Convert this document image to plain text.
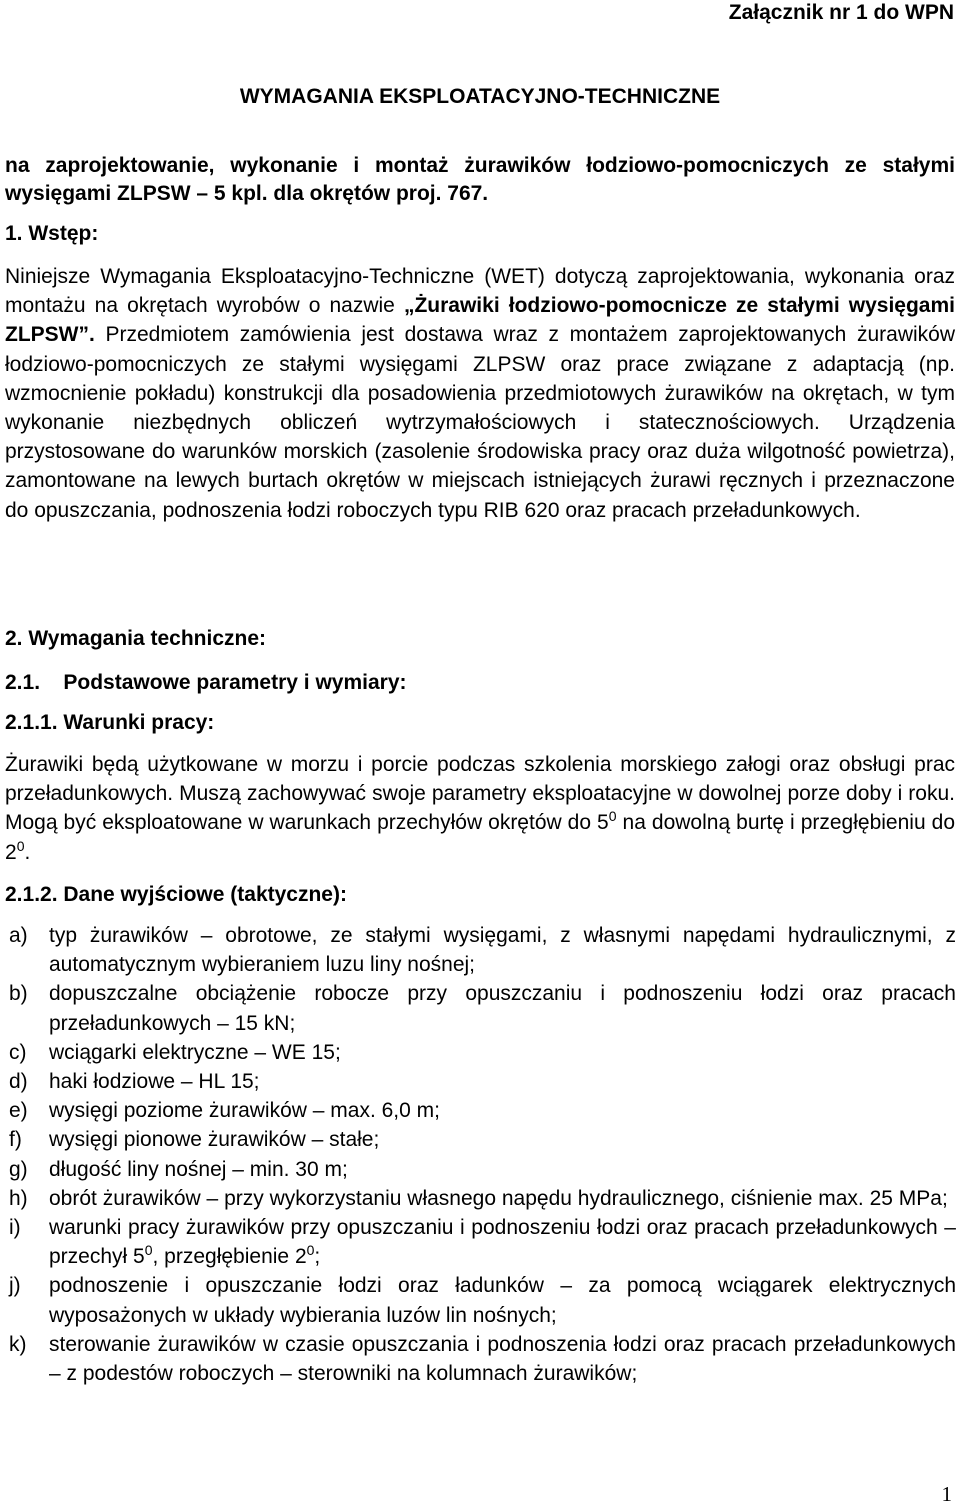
Załącznik nr 1 do WPN
WYMAGANIA EKSPLOATACYJNO-TECHNICZNE
na zaprojektowanie, wykonanie i montaż żurawików łodziowo-pomocniczych ze stałymi wysięgami ZLPSW – 5 kpl. dla okrętów proj. 767.
1. Wstęp:
Niniejsze Wymagania Eksploatacyjno-Techniczne (WET) dotyczą zaprojektowania, wykonania oraz montażu na okrętach wyrobów o nazwie „Żurawiki łodziowo-pomocnicze ze stałymi wysięgami ZLPSW”. Przedmiotem zamówienia jest dostawa wraz z montażem zaprojektowanych żurawików łodziowo-pomocniczych ze stałymi wysięgami ZLPSW oraz prace związane z adaptacją (np. wzmocnienie pokładu) konstrukcji dla posadowienia przedmiotowych żurawików na okrętach, w tym wykonanie niezbędnych obliczeń wytrzymałościowych i statecznościowych. Urządzenia przystosowane do warunków morskich (zasolenie środowiska pracy oraz duża wilgotność powietrza), zamontowane na lewych burtach okrętów w miejscach istniejących żurawi ręcznych i przeznaczone do opuszczania, podnoszenia łodzi roboczych typu RIB 620 oraz pracach przeładunkowych.
2. Wymagania techniczne:
2.1.    Podstawowe parametry i wymiary:
2.1.1. Warunki pracy:
Żurawiki będą użytkowane w morzu i porcie podczas szkolenia morskiego załogi oraz obsługi prac przeładunkowych. Muszą zachowywać swoje parametry eksploatacyjne w dowolnej porze doby i roku. Mogą być eksploatowane w warunkach przechyłów okrętów do $5^0$ na dowolną burtę i przegłębieniu do $2^0$.
2.1.2. Dane wyjściowe (taktyczne):
a) typ żurawików – obrotowe, ze stałymi wysięgami, z własnymi napędami hydraulicznymi, z automatycznym wybieraniem luzu liny nośnej;
b) dopuszczalne obciążenie robocze przy opuszczaniu i podnoszeniu łodzi oraz pracach przeładunkowych – 15 kN;
c) wciągarki elektryczne – WE 15;
d) haki łodziowe – HL 15;
e) wysięgi poziome żurawików – max. 6,0 m;
f) wysięgi pionowe żurawików – stałe;
g) długość liny nośnej – min. 30 m;
h) obrót żurawików – przy wykorzystaniu własnego napędu hydraulicznego, ciśnienie max. 25 MPa;
i) warunki pracy żurawików przy opuszczaniu i podnoszeniu łodzi oraz pracach przeładunkowych – przechył $5^0$, przegłębienie $2^0$;
j) podnoszenie i opuszczanie łodzi oraz ładunków – za pomocą wciągarek elektrycznych wyposażonych w układy wybierania luzów lin nośnych;
k) sterowanie żurawików w czasie opuszczania i podnoszenia łodzi oraz pracach przeładunkowych – z podestów roboczych – sterowniki na kolumnach żurawików;
1
